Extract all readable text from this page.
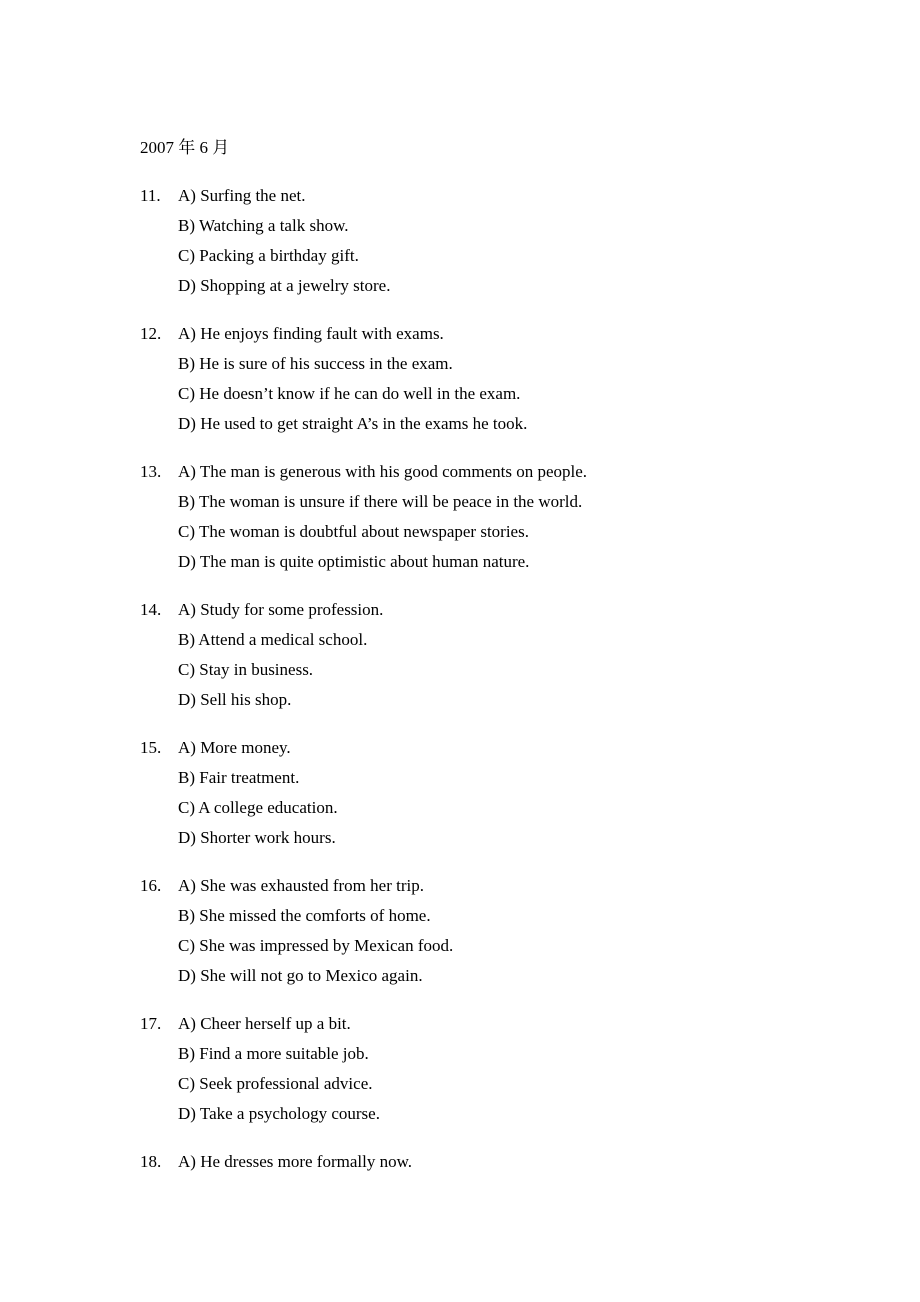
2007 年 6 月

11.	A) Surfing the net.
B) Watching a talk show.
C) Packing a birthday gift.
D) Shopping at a jewelry store.
12. A) He enjoys finding fault with exams.
B) He is sure of his success in the exam.
C) He doesn’t know if he can do well in the exam.
D) He used to get straight A’s in the exams he took.
13. A) The man is generous with his good comments on people.
B) The woman is unsure if there will be peace in the world.
C) The woman is doubtful about newspaper stories.
D) The man is quite optimistic about human nature.
14. A) Study for some profession.
B) Attend a medical school.
C) Stay in business.
D) Sell his shop.
15. A) More money.
B) Fair treatment.
C) A college education.
D) Shorter work hours.
16. A) She was exhausted from her trip.
B) She missed the comforts of home.
C) She was impressed by Mexican food.
D) She will not go to Mexico again.
17. A) Cheer herself up a bit.
B) Find a more suitable job.
C) Seek professional advice.
D) Take a psychology course.
18. A) He dresses more formally now.
